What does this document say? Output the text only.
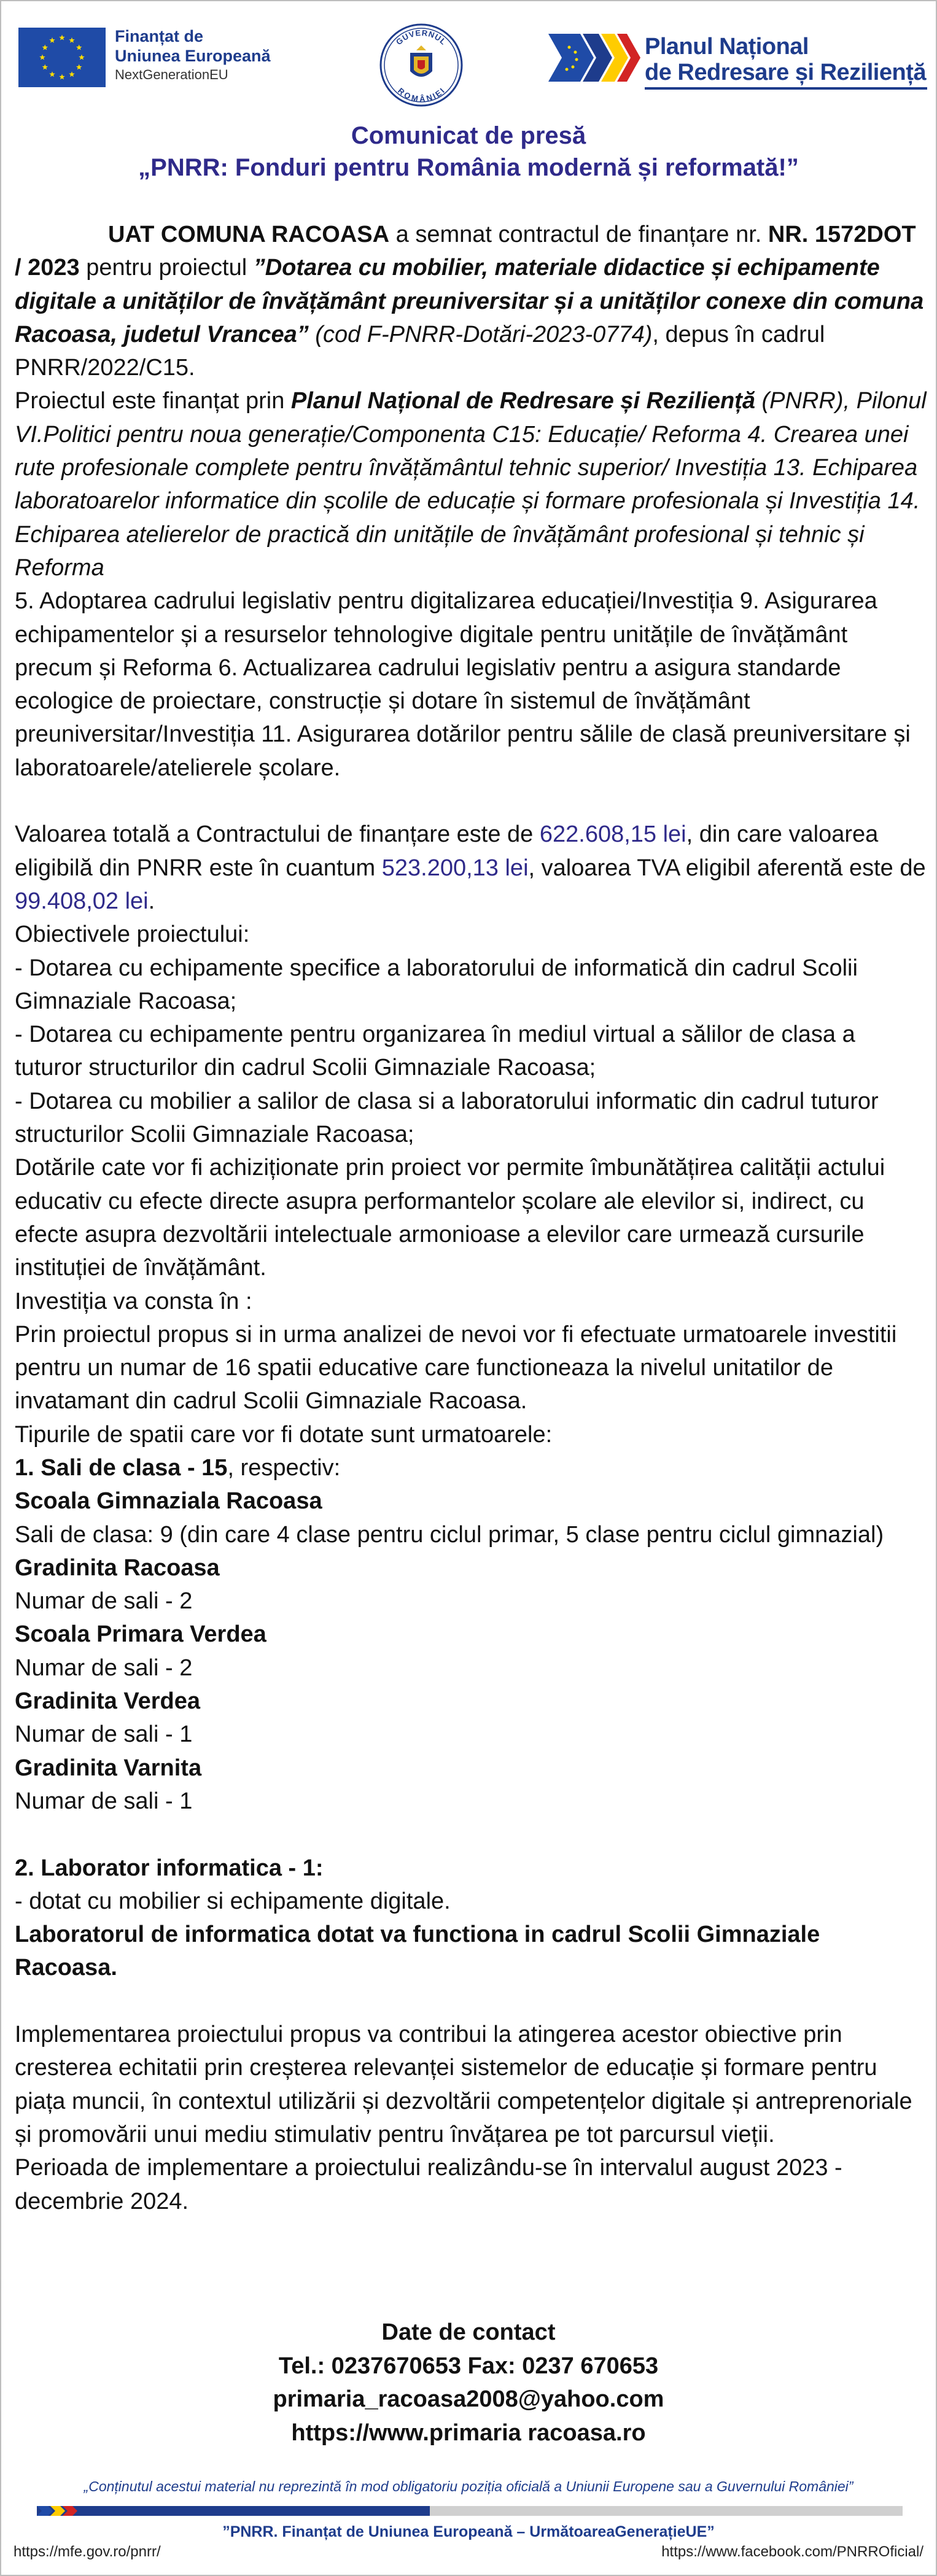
Finanțat de
Uniunea Europeană
NextGenerationEU
GUVERNUL
ROMÂNIEI
Planul Național
de Redresare și Reziliență
Comunicat de presă
„PNRR: Fonduri pentru România modernă și reformată!”

UAT COMUNA RACOASA a semnat contractul de finanțare nr. NR. 1572DOT / 2023 pentru proiectul ”Dotarea cu mobilier, materiale didactice și echipamente digitale a unităților de învățământ preuniversitar și a unităților conexe din comuna Racoasa, judetul Vrancea” (cod F-PNRR-Dotări-2023-0774), depus în cadrul PNRR/2022/C15.

Proiectul este finanțat prin Planul Național de Redresare și Reziliență (PNRR), Pilonul VI.Politici pentru noua generație/Componenta C15: Educație/ Reforma 4. Crearea unei rute profesionale complete pentru învățământul tehnic superior/ Investiția 13. Echiparea laboratoarelor informatice din școlile de educație și formare profesionala și Investiția 14. Echiparea atelierelor de practică din unitățile de învățământ profesional și tehnic și Reforma

5. Adoptarea cadrului legislativ pentru digitalizarea educației/Investiția 9. Asigurarea echipamentelor și a resurselor tehnologive digitale pentru unitățile de învățământ precum și Reforma 6. Actualizarea cadrului legislativ pentru a asigura standarde ecologice de proiectare, construcție și dotare în sistemul de învățământ preuniversitar/Investiția 11. Asigurarea dotărilor pentru sălile de clasă preuniversitare și laboratoarele/atelierele școlare.

Valoarea totală a Contractului de finanțare este de 622.608,15 lei, din care valoarea eligibilă din PNRR este în cuantum 523.200,13 lei, valoarea TVA eligibil aferentă este de 99.408,02 lei.

Obiectivele proiectului:

- Dotarea cu echipamente specifice a laboratorului de informatică din cadrul Scolii Gimnaziale Racoasa;

- Dotarea cu echipamente pentru organizarea în mediul virtual a sălilor de clasa a tuturor structurilor din cadrul Scolii Gimnaziale Racoasa;

- Dotarea cu mobilier a salilor de clasa si a laboratorului informatic din cadrul tuturor structurilor Scolii Gimnaziale Racoasa;

Dotările cate vor fi achiziționate prin proiect vor permite îmbunătățirea calității actului educativ cu efecte directe asupra performantelor școlare ale elevilor si, indirect, cu efecte asupra dezvoltării intelectuale armonioase a elevilor care urmează cursurile instituției de învățământ.

Investiția va consta în :

Prin proiectul propus si in urma analizei de nevoi vor fi efectuate urmatoarele investitii pentru un numar de 16 spatii educative care functioneaza la nivelul unitatilor de invatamant din cadrul Scolii Gimnaziale Racoasa.

Tipurile de spatii care vor fi dotate sunt urmatoarele:

1. Sali de clasa - 15, respectiv:

Scoala Gimnaziala Racoasa

Sali de clasa: 9 (din care 4 clase pentru ciclul primar, 5 clase pentru ciclul gimnazial)

Gradinita Racoasa

Numar de sali - 2

Scoala Primara Verdea

Numar de sali - 2

Gradinita Verdea

Numar de sali - 1

Gradinita Varnita

Numar de sali - 1

2. Laborator informatica - 1:

- dotat cu mobilier si echipamente digitale.

Laboratorul de informatica dotat va functiona in cadrul Scolii Gimnaziale Racoasa.

Implementarea proiectului propus va contribui la atingerea acestor obiective prin cresterea echitatii prin creșterea relevanței sistemelor de educație și formare pentru piața muncii, în contextul utilizării și dezvoltării competențelor digitale și antreprenoriale și promovării unui mediu stimulativ pentru învățarea pe tot parcursul vieții.

Perioada de implementare a proiectului realizându-se în intervalul august 2023 - decembrie 2024.

Date de contact
Tel.: 0237670653 Fax: 0237 670653
primaria_racoasa2008@yahoo.com
https://www.primaria racoasa.ro
„Conținutul acestui material nu reprezintă în mod obligatoriu poziția oficială a Uniunii Europene sau a Guvernului României”
”PNRR. Finanțat de Uniunea Europeană – UrmătoareaGenerațieUE”
https://mfe.gov.ro/pnrr/	https://www.facebook.com/PNRROficial/
